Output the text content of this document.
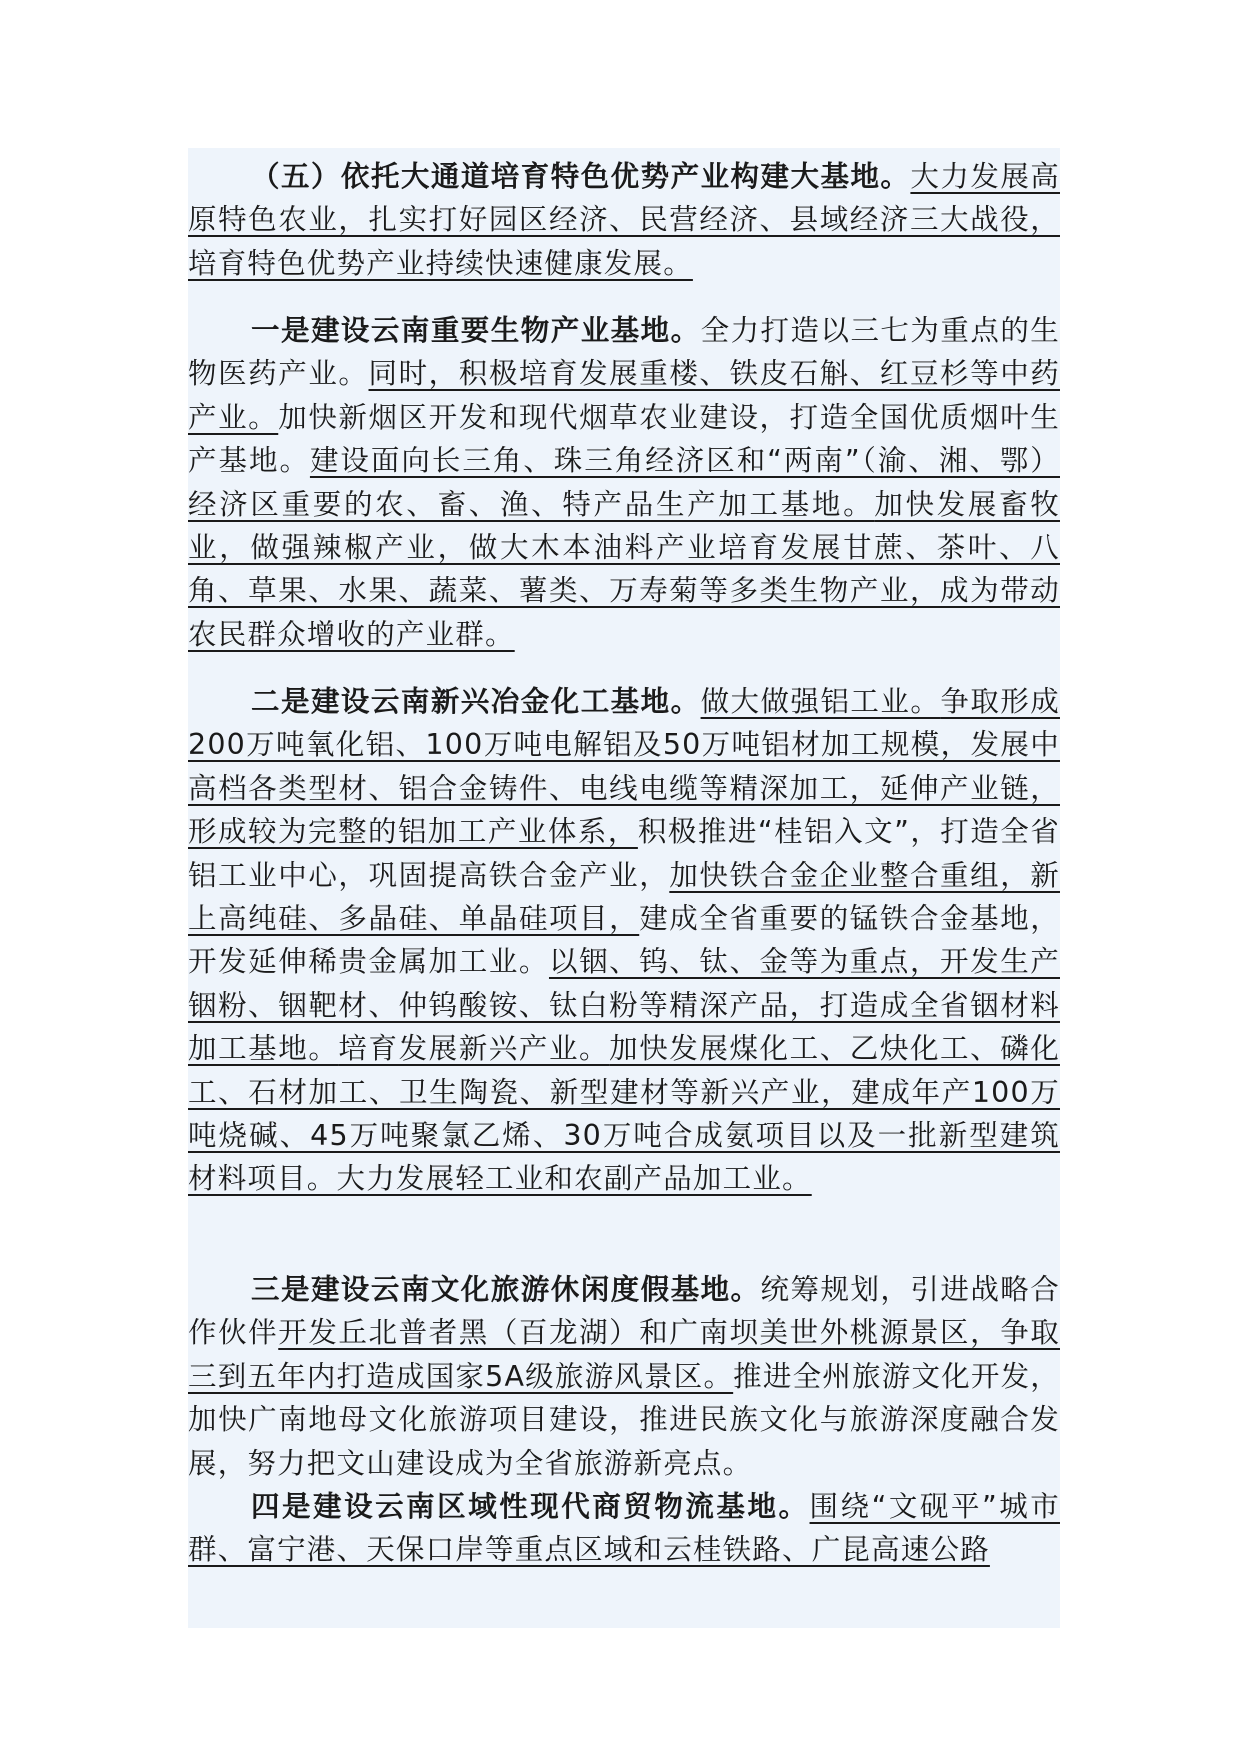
（五）依托大通道培育特色优势产业构建大基地。大力发展高原特色农业，扎实打好园区经济、民营经济、县域经济三大战役，培育特色优势产业持续快速健康发展。

一是建设云南重要生物产业基地。全力打造以三七为重点的生物医药产业。同时，积极培育发展重楼、铁皮石斛、红豆杉等中药产业。加快新烟区开发和现代烟草农业建设，打造全国优质烟叶生产基地。建设面向长三角、珠三角经济区和“两南”（渝、湘、鄂）经济区重要的农、畜、渔、特产品生产加工基地。加快发展畜牧业，做强辣椒产业，做大木本油料产业培育发展甘蔗、茶叶、八角、草果、水果、蔬菜、薯类、万寿菊等多类生物产业，成为带动农民群众增收的产业群。

二是建设云南新兴冶金化工基地。做大做强铝工业。争取形成200万吨氧化铝、100万吨电解铝及50万吨铝材加工规模，发展中高档各类型材、铝合金铸件、电线电缆等精深加工，延伸产业链，形成较为完整的铝加工产业体系，积极推进“桂铝入文”，打造全省铝工业中心，巩固提高铁合金产业，加快铁合金企业整合重组，新上高纯硅、多晶硅、单晶硅项目，建成全省重要的锰铁合金基地，开发延伸稀贵金属加工业。以铟、钨、钛、金等为重点，开发生产铟粉、铟靶材、仲钨酸铵、钛白粉等精深产品，打造成全省铟材料加工基地。培育发展新兴产业。加快发展煤化工、乙炔化工、磷化工、石材加工、卫生陶瓷、新型建材等新兴产业，建成年产100万吨烧碱、45万吨聚氯乙烯、30万吨合成氨项目以及一批新型建筑材料项目。大力发展轻工业和农副产品加工业。

三是建设云南文化旅游休闲度假基地。统筹规划，引进战略合作伙伴开发丘北普者黑（百龙湖）和广南坝美世外桃源景区，争取三到五年内打造成国家5A级旅游风景区。推进全州旅游文化开发，加快广南地母文化旅游项目建设，推进民族文化与旅游深度融合发展，努力把文山建设成为全省旅游新亮点。

四是建设云南区域性现代商贸物流基地。围绕“文砚平”城市群、富宁港、天保口岸等重点区域和云桂铁路、广昆高速公路
